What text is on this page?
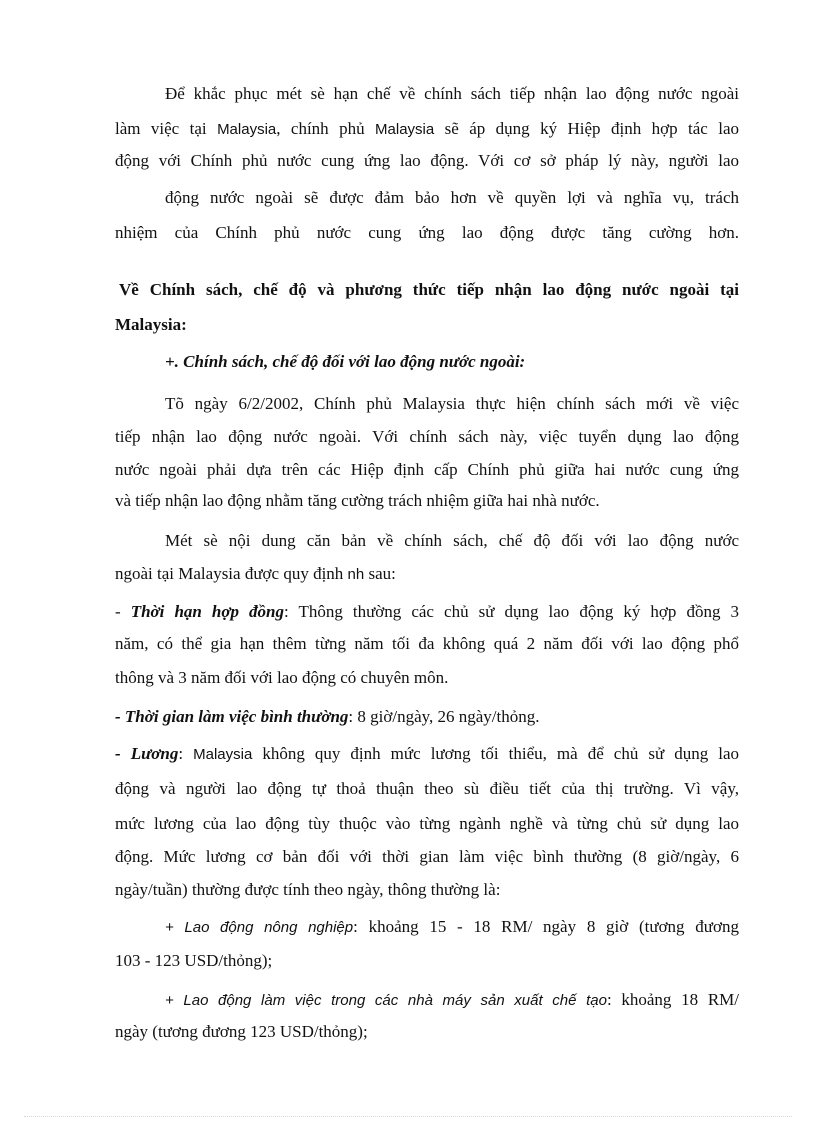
Để khắc phục mét sè hạn chế về chính sách tiếp nhận lao động nước ngoài
làm việc tại Malaysia, chính phủ Malaysia sẽ áp dụng ký Hiệp định hợp tác lao
động với Chính phủ nước cung ứng lao động. Với cơ sở pháp lý này, người lao
động nước ngoài sẽ được đảm bảo hơn về quyền lợi và nghĩa vụ, trách
nhiệm của Chính phủ nước cung ứng lao động được tăng cường hơn.
Về Chính sách, chế độ và phương thức tiếp nhận lao động nước ngoài tại
Malaysia:
+. Chính sách, chế độ đối với lao động nước ngoài:
Tõ ngày 6/2/2002, Chính phủ Malaysia thực hiện chính sách mới về việc
tiếp nhận lao động nước ngoài. Với chính sách này, việc tuyển dụng lao động
nước ngoài phải dựa trên các Hiệp định cấp Chính phủ giữa hai nước cung ứng
và tiếp nhận lao động nhằm tăng cường trách nhiệm giữa hai nhà nước.
Mét sè nội dung căn bản về chính sách, chế độ đối với lao động nước
ngoài tại Malaysia được quy định nh sau:
- Thời hạn hợp đồng: Thông thường các chủ sử dụng lao động ký hợp đồng 3
năm, có thể gia hạn thêm từng năm tối đa không quá 2 năm đối với lao động phổ
thông và 3 năm đối với lao động có chuyên môn.
- Thời gian làm việc bình thường: 8 giờ/ngày, 26 ngày/thỏng.
- Lương: Malaysia không quy định mức lương tối thiểu, mà để chủ sử dụng lao
động và người lao động tự thoả thuận theo sù điều tiết của thị trường. Vì vậy,
mức lương của lao động tùy thuộc vào từng ngành nghề và từng chủ sử dụng lao
động. Mức lương cơ bản đối với thời gian làm việc bình thường (8 giờ/ngày, 6
ngày/tuần) thường được tính theo ngày, thông thường là:
+ Lao động nông nghiệp: khoảng 15 - 18 RM/ ngày 8 giờ (tương đương
103 - 123 USD/thỏng);
+ Lao động làm việc trong các nhà máy sản xuất chế tạo: khoảng 18 RM/
ngày (tương đương 123 USD/thỏng);
